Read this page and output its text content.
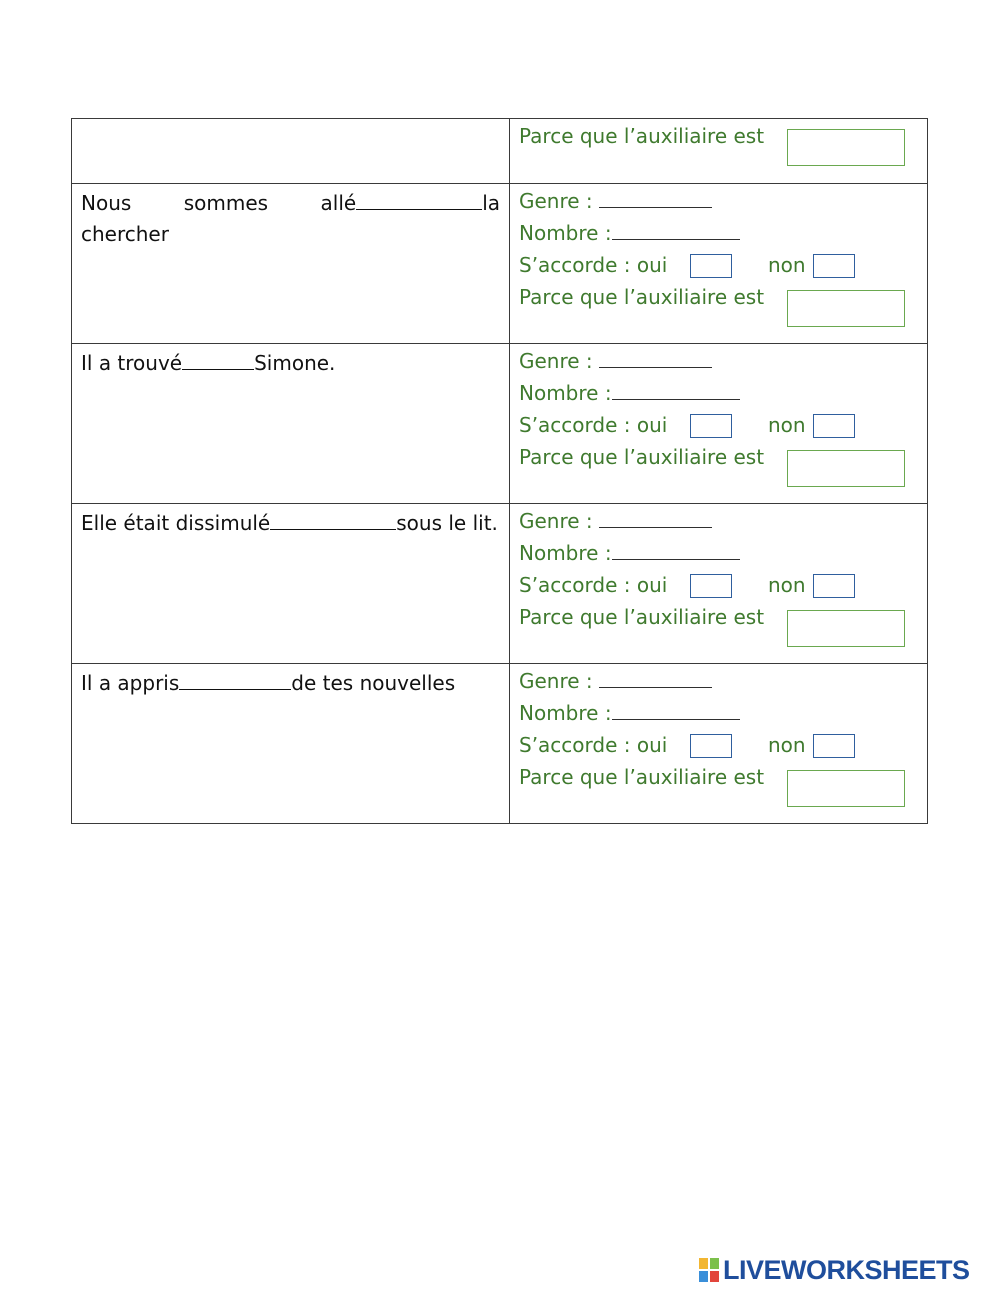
	Parce que l’auxiliaire est

Nous sommes allé la chercher	Genre :
Nombre :
S’accorde : oui non
Parce que l’auxiliaire est

Il a trouvé Simone.	Genre :
Nombre :
S’accorde : oui non
Parce que l’auxiliaire est

Elle était dissimulé sous le lit.	Genre :
Nombre :
S’accorde : oui non
Parce que l’auxiliaire est

Il a appris de tes nouvelles	Genre :
Nombre :
S’accorde : oui non
Parce que l’auxiliaire est
LIVEWORKSHEETS
